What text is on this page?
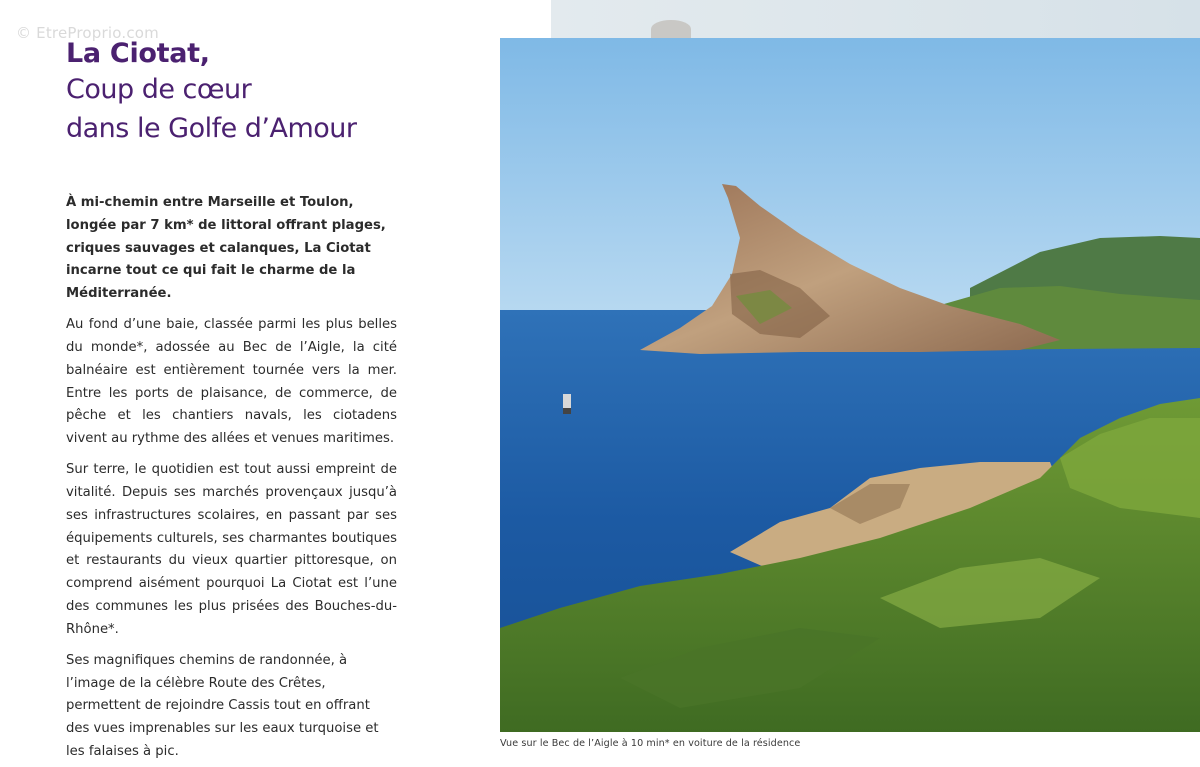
© EtreProprio.com
La Ciotat,
Coup de cœur
dans le Golfe d’Amour

À mi-chemin entre Marseille et Toulon, longée par 7 km* de littoral offrant plages, criques sauvages et calanques, La Ciotat incarne tout ce qui fait le charme de la Méditerranée.

Au fond d’une baie, classée parmi les plus belles du monde*, adossée au Bec de l’Aigle, la cité balnéaire est entièrement tournée vers la mer. Entre les ports de plaisance, de commerce, de pêche et les chantiers navals, les ciotadens vivent au rythme des allées et venues maritimes.

Sur terre, le quotidien est tout aussi empreint de vitalité. Depuis ses marchés provençaux jusqu’à ses infrastructures scolaires, en passant par ses équipements culturels, ses charmantes boutiques et restaurants du vieux quartier pittoresque, on comprend aisément pourquoi La Ciotat est l’une des communes les plus prisées des Bouches-du-Rhône*.

Ses magnifiques chemins de randonnée, à l’image de la célèbre Route des Crêtes, permettent de rejoindre Cassis tout en offrant des vues imprenables sur les eaux turquoise et les falaises à pic.

Vue sur le Bec de l’Aigle à 10 min* en voiture de la résidence
